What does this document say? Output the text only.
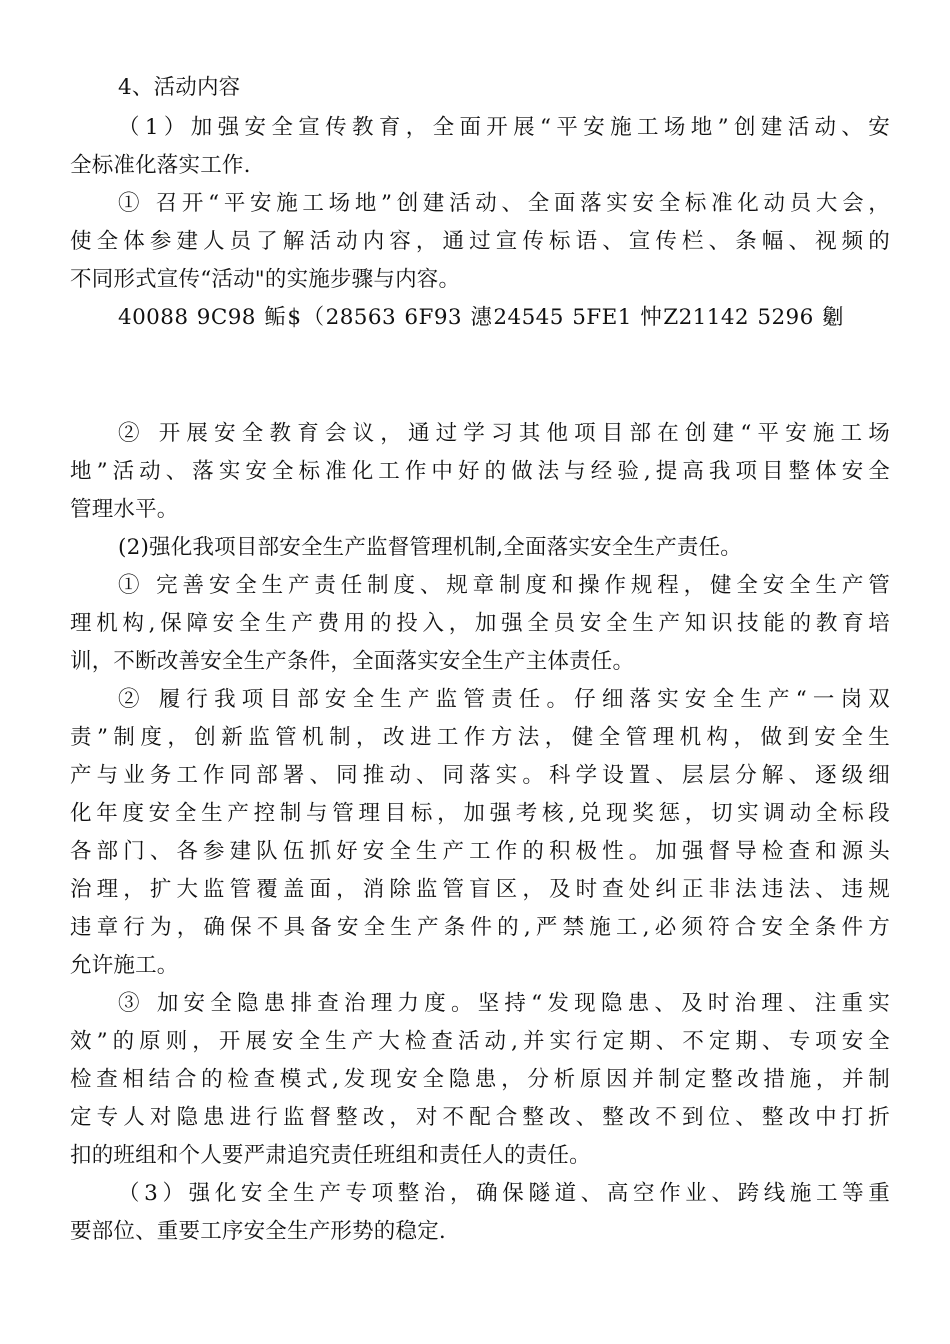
4、活动内容
（1）加强安全宣传教育，全面开展“平安施工场地”创建活动、安
全标准化落实工作.
① 召开“平安施工场地”创建活动、全面落实安全标准化动员大会，
使全体参建人员了解活动内容，通过宣传标语、宣传栏、条幅、视频的
不同形式宣传“活动"的实施步骤与内容。
40088 9C98 鲘$（28563 6F93 潓24545 5FE1 忡Z21142 5296 劖
② 开展安全教育会议，通过学习其他项目部在创建“平安施工场
地”活动、落实安全标准化工作中好的做法与经验,提高我项目整体安全
管理水平。
(2)强化我项目部安全生产监督管理机制,全面落实安全生产责任。
① 完善安全生产责任制度、规章制度和操作规程，健全安全生产管
理机构,保障安全生产费用的投入，加强全员安全生产知识技能的教育培
训，不断改善安全生产条件，全面落实安全生产主体责任。
② 履行我项目部安全生产监管责任。仔细落实安全生产“一岗双
责”制度，创新监管机制，改进工作方法，健全管理机构，做到安全生
产与业务工作同部署、同推动、同落实。科学设置、层层分解、逐级细
化年度安全生产控制与管理目标，加强考核,兑现奖惩，切实调动全标段
各部门、各参建队伍抓好安全生产工作的积极性。加强督导检查和源头
治理，扩大监管覆盖面，消除监管盲区，及时查处纠正非法违法、违规
违章行为，确保不具备安全生产条件的,严禁施工,必须符合安全条件方
允许施工。
③ 加安全隐患排查治理力度。坚持“发现隐患、及时治理、注重实
效”的原则，开展安全生产大检查活动,并实行定期、不定期、专项安全
检查相结合的检查模式,发现安全隐患，分析原因并制定整改措施，并制
定专人对隐患进行监督整改，对不配合整改、整改不到位、整改中打折
扣的班组和个人要严肃追究责任班组和责任人的责任。
（3）强化安全生产专项整治，确保隧道、高空作业、跨线施工等重
要部位、重要工序安全生产形势的稳定.
